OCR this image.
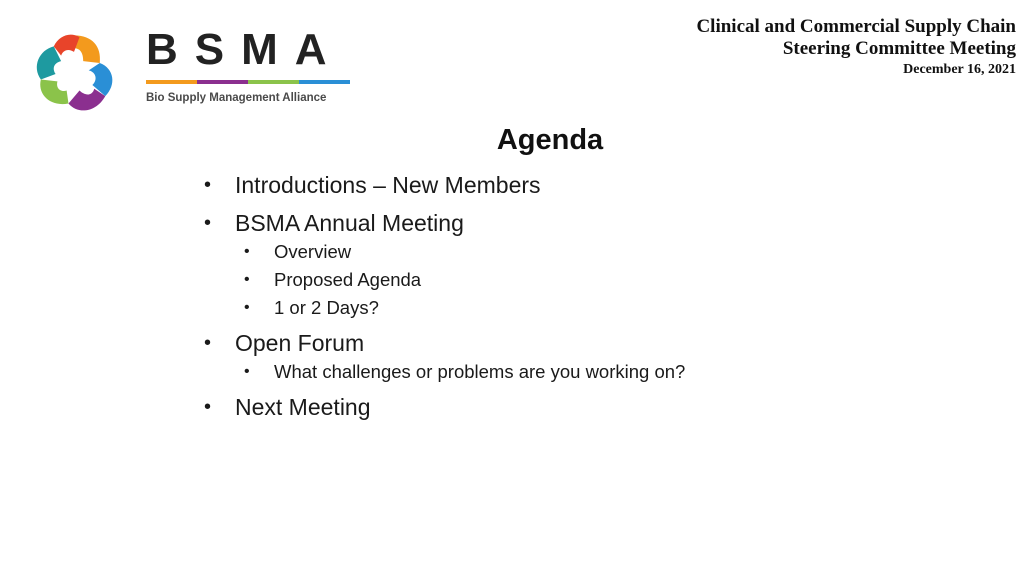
BSMA
Bio Supply Management Alliance
Clinical and Commercial Supply Chain
Steering Committee Meeting
December 16, 2021
Agenda
• Introductions – New Members
• BSMA Annual Meeting
• Overview
• Proposed Agenda
• 1 or 2 Days?
• Open Forum
• What challenges or problems are you working on?
• Next Meeting
